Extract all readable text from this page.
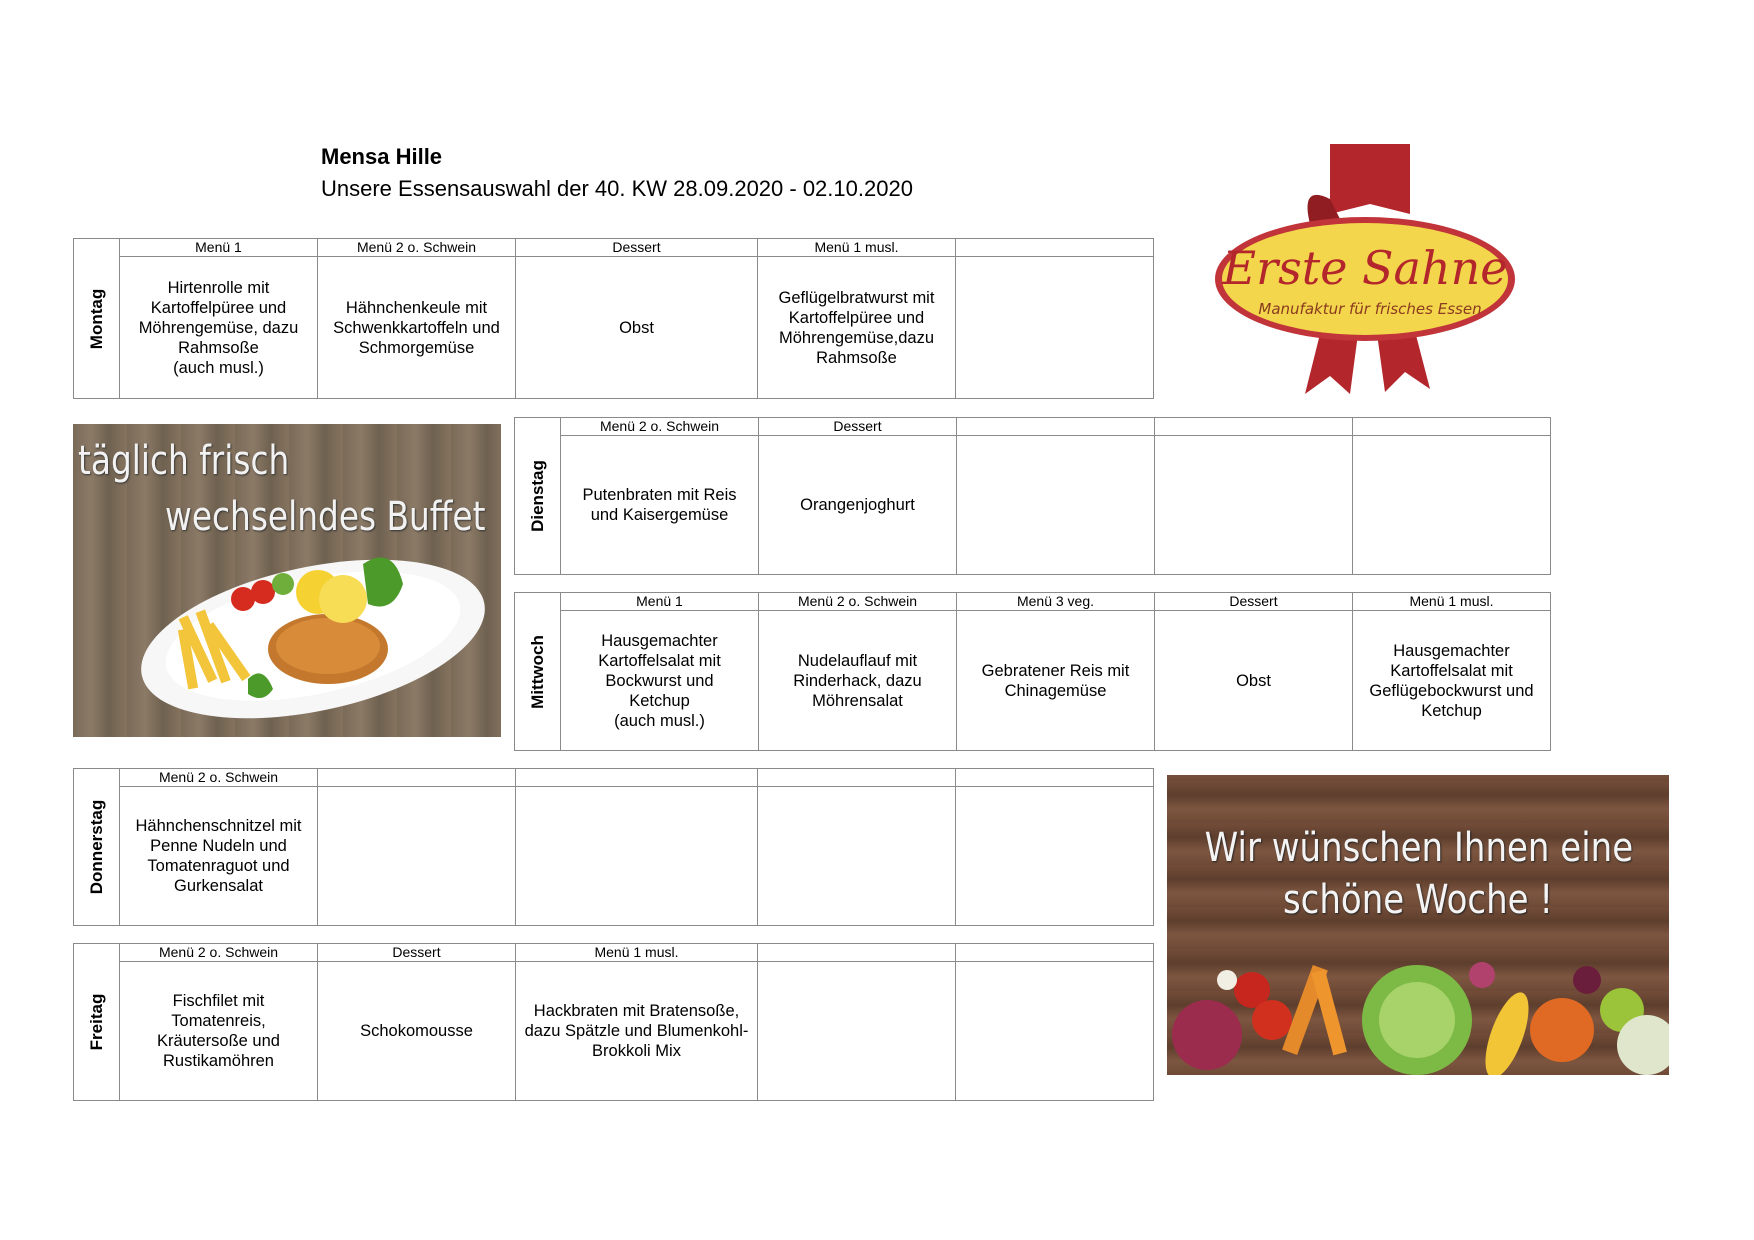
Mensa Hille
Unsere Essensauswahl der 40. KW 28.09.2020 - 02.10.2020
Erste Sahne
Manufaktur für frisches Essen
täglich frisch
wechselndes Buffet
Wir wünschen Ihnen eine
schöne Woche !
Montag	Menü 1	Menü 2 o. Schwein	Dessert	Menü 1 musl.	
	Hirtenrolle mit
Kartoffelpüree und
Möhrengemüse, dazu
Rahmsoße
(auch musl.)	Hähnchenkeule mit
Schwenkkartoffeln und
Schmorgemüse	Obst	Geflügelbratwurst mit
Kartoffelpüree und
Möhrengemüse,dazu
Rahmsoße	
Dienstag	Menü 2 o. Schwein	Dessert			
	Putenbraten mit Reis
und Kaisergemüse	Orangenjoghurt			
Mittwoch	Menü 1	Menü 2 o. Schwein	Menü 3 veg.	Dessert	Menü 1 musl.
	Hausgemachter
Kartoffelsalat mit
Bockwurst und
Ketchup
(auch musl.)	Nudelauflauf mit
Rinderhack, dazu
Möhrensalat	Gebratener Reis mit
Chinagemüse	Obst	Hausgemachter
Kartoffelsalat mit
Geflügebockwurst und
Ketchup
Donnerstag	Menü 2 o. Schwein				
	Hähnchenschnitzel mit
Penne Nudeln und
Tomatenraguot und
Gurkensalat				
Freitag	Menü 2 o. Schwein	Dessert	Menü 1 musl.		
	Fischfilet mit
Tomatenreis,
Kräutersoße und
Rustikamöhren	Schokomousse	Hackbraten mit Bratensoße,
dazu Spätzle und Blumenkohl-
Brokkoli Mix		
